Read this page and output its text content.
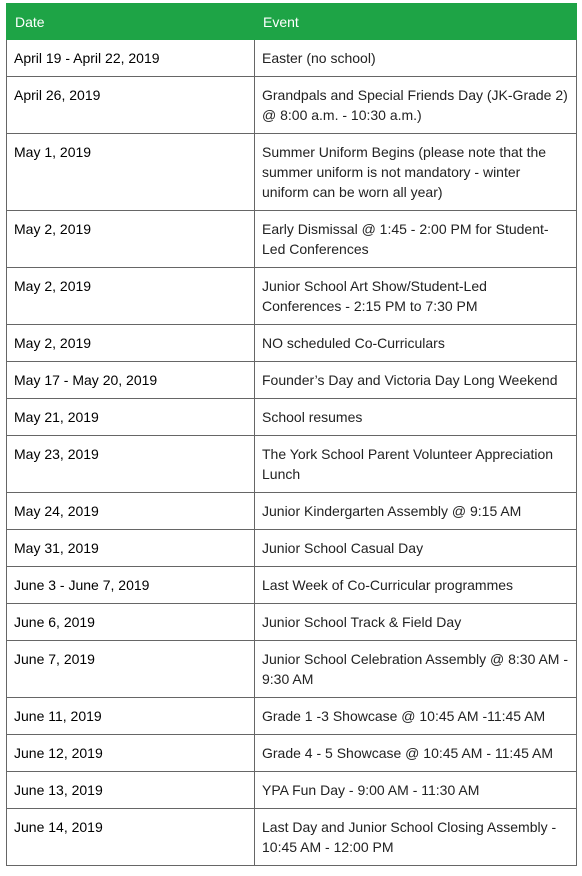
Date	Event
April 19 - April 22, 2019	Easter (no school)
April 26, 2019	Grandpals and Special Friends Day (JK-Grade 2) @ 8:00 a.m. - 10:30 a.m.)
May 1, 2019	Summer Uniform Begins (please note that the summer uniform is not mandatory - winter uniform can be worn all year)
May 2, 2019	Early Dismissal @ 1:45 - 2:00 PM for Student-Led Conferences
May 2, 2019	Junior School Art Show/Student-Led Conferences - 2:15 PM to 7:30 PM
May 2, 2019	NO scheduled Co-Curriculars
May 17 - May 20, 2019	Founder’s Day and Victoria Day Long Weekend
May 21, 2019	School resumes
May 23, 2019	The York School Parent Volunteer Appreciation Lunch
May 24, 2019	Junior Kindergarten Assembly @ 9:15 AM
May 31, 2019	Junior School Casual Day
June 3 - June 7, 2019	Last Week of Co-Curricular programmes
June 6, 2019	Junior School Track & Field Day
June 7, 2019	Junior School Celebration Assembly @ 8:30 AM - 9:30 AM
June 11, 2019	Grade 1 -3 Showcase @ 10:45 AM -11:45 AM
June 12, 2019	Grade 4 - 5 Showcase @ 10:45 AM - 11:45 AM
June 13, 2019	YPA Fun Day - 9:00 AM - 11:30 AM
June 14, 2019	Last Day and Junior School Closing Assembly - 10:45 AM - 12:00 PM
